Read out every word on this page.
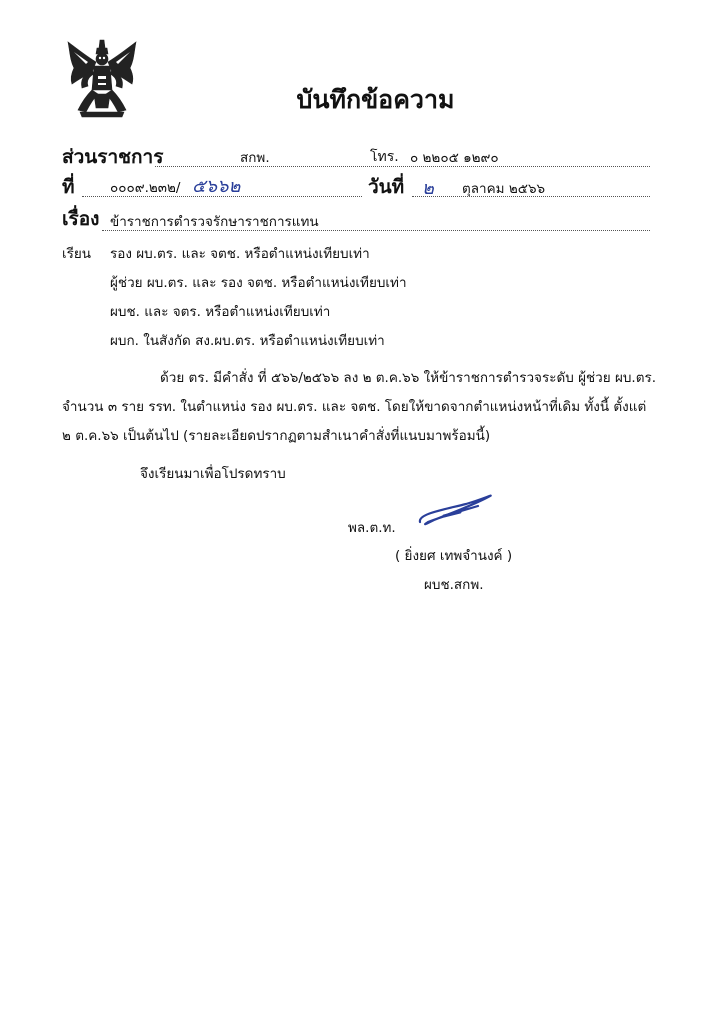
บันทึกข้อความ
ส่วนราชการ	สกพ.	โทร. ๐ ๒๒๐๕ ๑๒๙๐
ที่	๐๐๐๙.๒๓๒/ ๕๖๖๒	วันที่ ๒ ตุลาคม ๒๕๖๖
เรื่อง ข้าราชการตำรวจรักษาราชการแทน
เรียน รอง ผบ.ตร. และ จตช. หรือตำแหน่งเทียบเท่า
ผู้ช่วย ผบ.ตร. และ รอง จตช. หรือตำแหน่งเทียบเท่า
ผบช. และ จตร. หรือตำแหน่งเทียบเท่า
ผบก. ในสังกัด สง.ผบ.ตร. หรือตำแหน่งเทียบเท่า
ด้วย ตร. มีคำสั่ง ที่ ๕๖๖/๒๕๖๖ ลง ๒ ต.ค.๖๖ ให้ข้าราชการตำรวจระดับ ผู้ช่วย ผบ.ตร.
จำนวน ๓ ราย รรท. ในตำแหน่ง รอง ผบ.ตร. และ จตช. โดยให้ขาดจากตำแหน่งหน้าที่เดิม ทั้งนี้ ตั้งแต่
๒ ต.ค.๖๖ เป็นต้นไป (รายละเอียดปรากฏตามสำเนาคำสั่งที่แนบมาพร้อมนี้)
จึงเรียนมาเพื่อโปรดทราบ
พล.ต.ท.
( ยิ่งยศ เทพจำนงค์ )
ผบช.สกพ.
